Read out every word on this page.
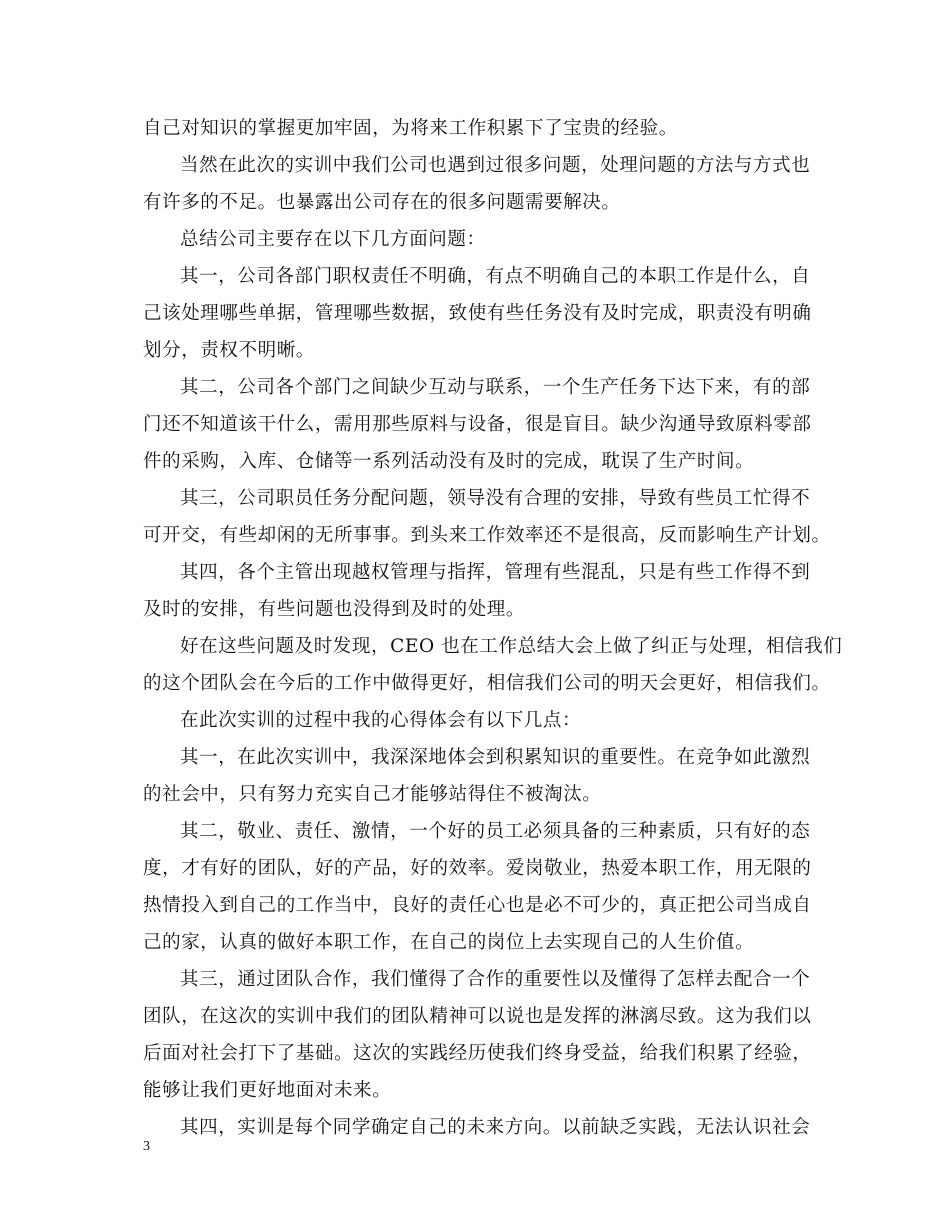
自己对知识的掌握更加牢固，为将来工作积累下了宝贵的经验。
当然在此次的实训中我们公司也遇到过很多问题，处理问题的方法与方式也
有许多的不足。也暴露出公司存在的很多问题需要解决。
总结公司主要存在以下几方面问题：
其一，公司各部门职权责任不明确，有点不明确自己的本职工作是什么，自
己该处理哪些单据，管理哪些数据，致使有些任务没有及时完成，职责没有明确
划分，责权不明晰。
其二，公司各个部门之间缺少互动与联系，一个生产任务下达下来，有的部
门还不知道该干什么，需用那些原料与设备，很是盲目。缺少沟通导致原料零部
件的采购，入库、仓储等一系列活动没有及时的完成，耽误了生产时间。
其三，公司职员任务分配问题，领导没有合理的安排，导致有些员工忙得不
可开交，有些却闲的无所事事。到头来工作效率还不是很高，反而影响生产计划。
其四，各个主管出现越权管理与指挥，管理有些混乱，只是有些工作得不到
及时的安排，有些问题也没得到及时的处理。
好在这些问题及时发现，CEO 也在工作总结大会上做了纠正与处理，相信我们
的这个团队会在今后的工作中做得更好，相信我们公司的明天会更好，相信我们。
在此次实训的过程中我的心得体会有以下几点：
其一，在此次实训中，我深深地体会到积累知识的重要性。在竞争如此激烈
的社会中，只有努力充实自己才能够站得住不被淘汰。
其二，敬业、责任、激情，一个好的员工必须具备的三种素质，只有好的态
度，才有好的团队，好的产品，好的效率。爱岗敬业，热爱本职工作，用无限的
热情投入到自己的工作当中，良好的责任心也是必不可少的，真正把公司当成自
己的家，认真的做好本职工作，在自己的岗位上去实现自己的人生价值。
其三，通过团队合作，我们懂得了合作的重要性以及懂得了怎样去配合一个
团队，在这次的实训中我们的团队精神可以说也是发挥的淋漓尽致。这为我们以
后面对社会打下了基础。这次的实践经历使我们终身受益，给我们积累了经验，
能够让我们更好地面对未来。
其四，实训是每个同学确定自己的未来方向。以前缺乏实践，无法认识社会
3
